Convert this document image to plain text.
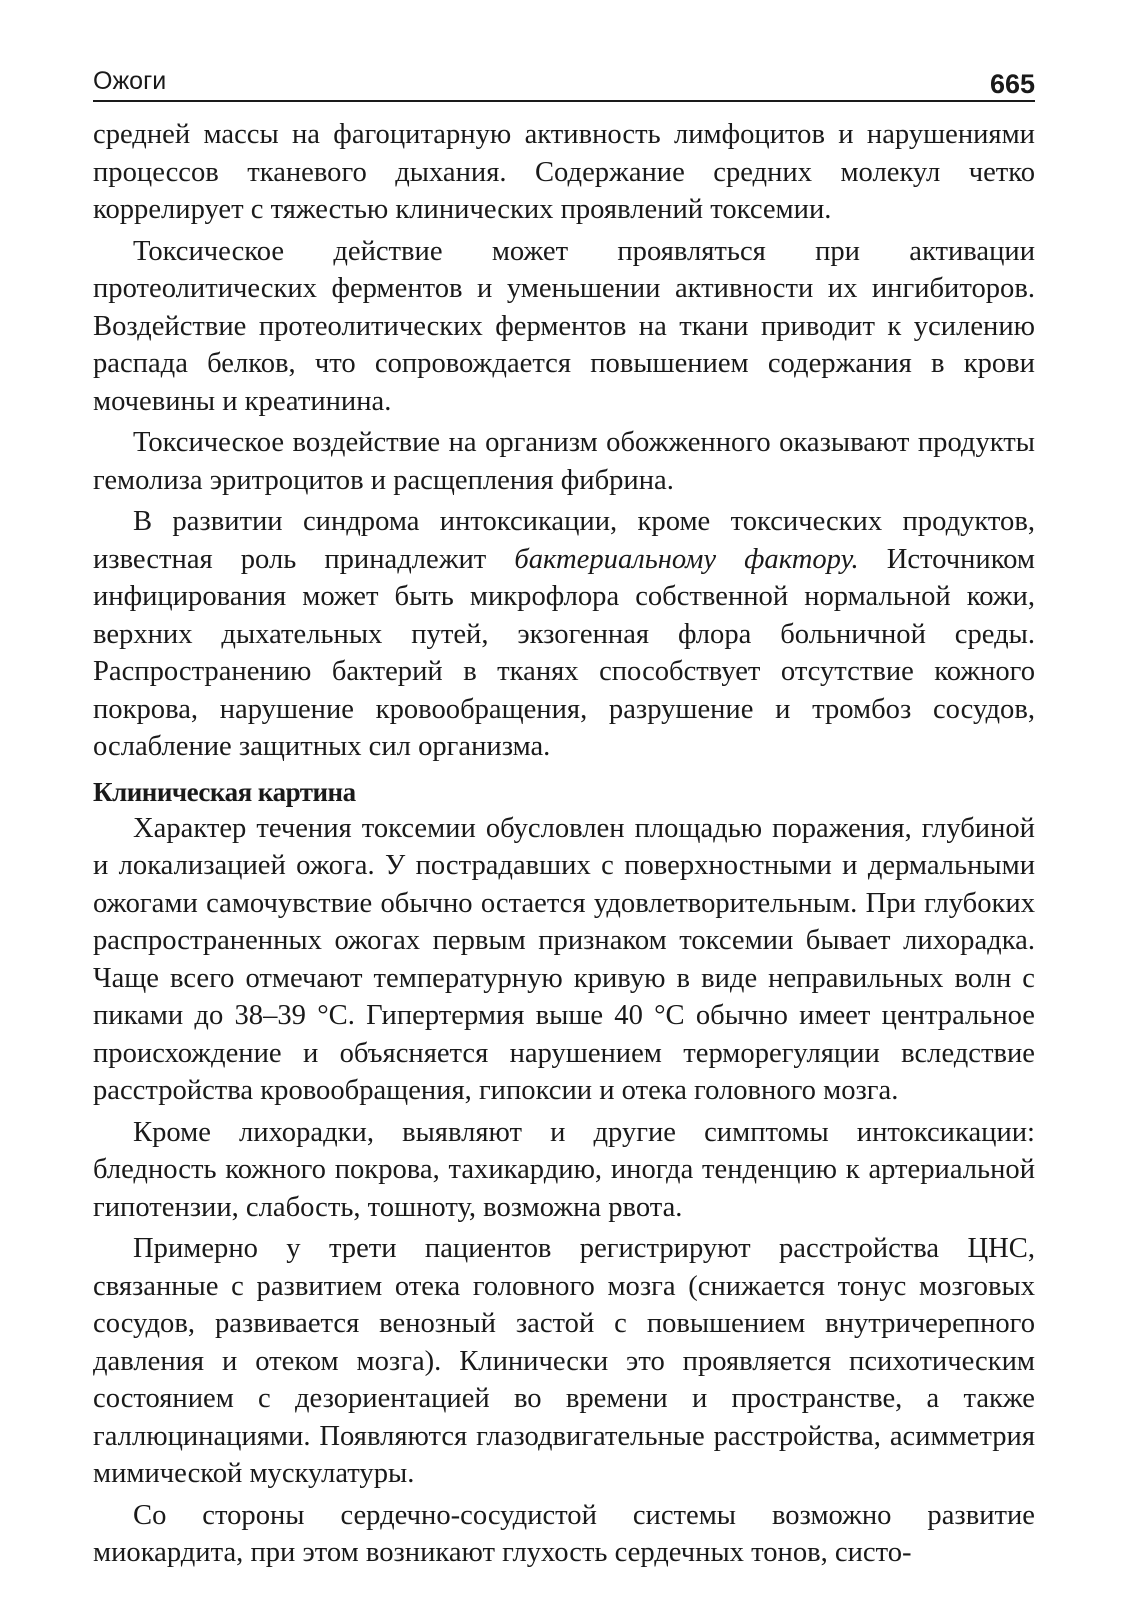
Ожоги	665

средней массы на фагоцитарную активность лимфоцитов и нарушениями процессов тканевого дыхания. Содержание средних молекул четко коррелирует с тяжестью клинических проявлений токсемии.

Токсическое действие может проявляться при активации протеолитических ферментов и уменьшении активности их ингибиторов. Воздействие протеолитических ферментов на ткани приводит к усилению распада белков, что сопровождается повышением содержания в крови мочевины и креатинина.

Токсическое воздействие на организм обожженного оказывают продукты гемолиза эритроцитов и расщепления фибрина.

В развитии синдрома интоксикации, кроме токсических продуктов, известная роль принадлежит бактериальному фактору. Источником инфицирования может быть микрофлора собственной нормальной кожи, верхних дыхательных путей, экзогенная флора больничной среды. Распространению бактерий в тканях способствует отсутствие кожного покрова, нарушение кровообращения, разрушение и тромбоз сосудов, ослабление защитных сил организма.

Клиническая картина

Характер течения токсемии обусловлен площадью поражения, глубиной и локализацией ожога. У пострадавших с поверхностными и дермальными ожогами самочувствие обычно остается удовлетворительным. При глубоких распространенных ожогах первым признаком токсемии бывает лихорадка. Чаще всего отмечают температурную кривую в виде неправильных волн с пиками до 38–39 °С. Гипертермия выше 40 °С обычно имеет центральное происхождение и объясняется нарушением терморегуляции вследствие расстройства кровообращения, гипоксии и отека головного мозга.

Кроме лихорадки, выявляют и другие симптомы интоксикации: бледность кожного покрова, тахикардию, иногда тенденцию к артериальной гипотензии, слабость, тошноту, возможна рвота.

Примерно у трети пациентов регистрируют расстройства ЦНС, связанные с развитием отека головного мозга (снижается тонус мозговых сосудов, развивается венозный застой с повышением внутричерепного давления и отеком мозга). Клинически это проявляется психотическим состоянием с дезориентацией во времени и пространстве, а также галлюцинациями. Появляются глазодвигательные расстройства, асимметрия мимической мускулатуры.

Со стороны сердечно-сосудистой системы возможно развитие миокардита, при этом возникают глухость сердечных тонов, систо-
